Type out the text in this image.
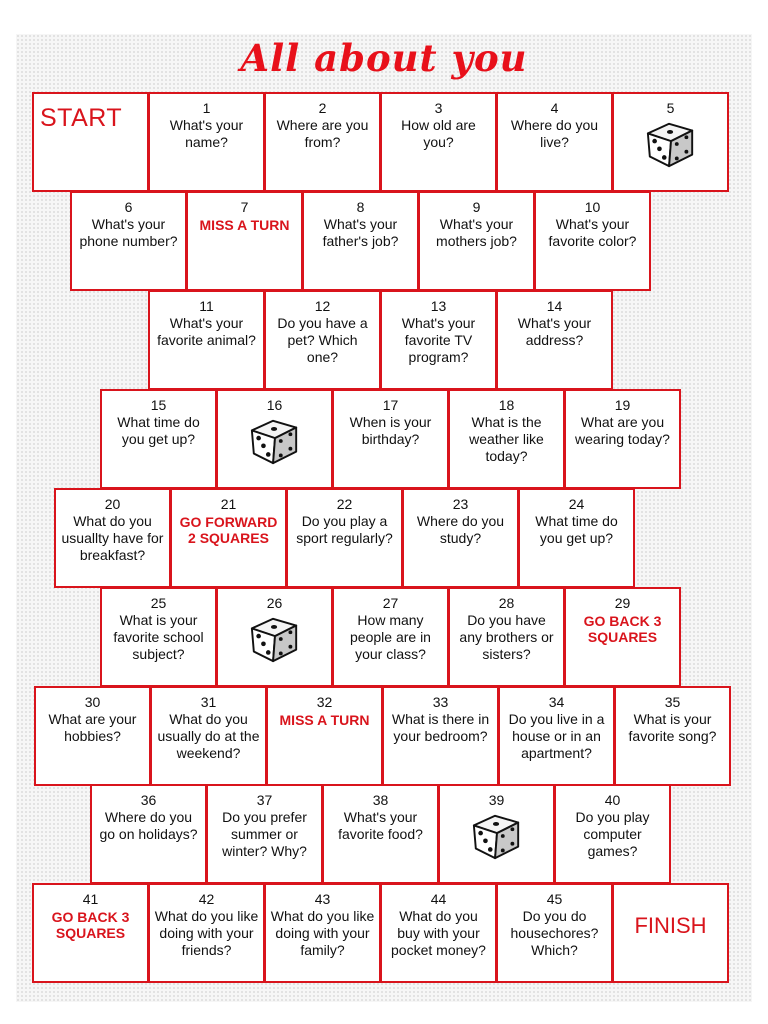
All about you
START	1
What's your name?
2
Where are you from?
3
How old are you?
4
Where do you live?
5
6
What's your phone number?
7
MISS A TURN
8
What's your father's job?
9
What's your mothers job?
10
What's your favorite color?
11
What's your favorite animal?
12
Do you have a pet? Which one?
13
What's your favorite TV program?
14
What's your address?
15
What time do you get up?
16	17
When is your birthday?
18
What is the weather like today?
19
What are you wearing today?
20
What do you usuallty have for breakfast?
21
GO FORWARD 2 SQUARES
22
Do you play a sport regularly?
23
Where do you study?
24
What time do you get up?
25
What is your favorite school subject?
26	27
How many people are in your class?
28
Do you have any brothers or sisters?
29
GO BACK 3 SQUARES
30
What are your hobbies?
31
What do you usually do at the weekend?
32
MISS A TURN
33
What is there in your bedroom?
34
Do you live in a house or in an apartment?
35
What is your favorite song?
36
Where do you go on holidays?
37
Do you prefer summer or winter? Why?
38
What's your favorite food?
39	40
Do you play computer games?
41
GO BACK 3 SQUARES
42
What do you like doing with your friends?
43
What do you like doing with your family?
44
What do you buy with your pocket money?
45
Do you do housechores? Which?
FINISH
